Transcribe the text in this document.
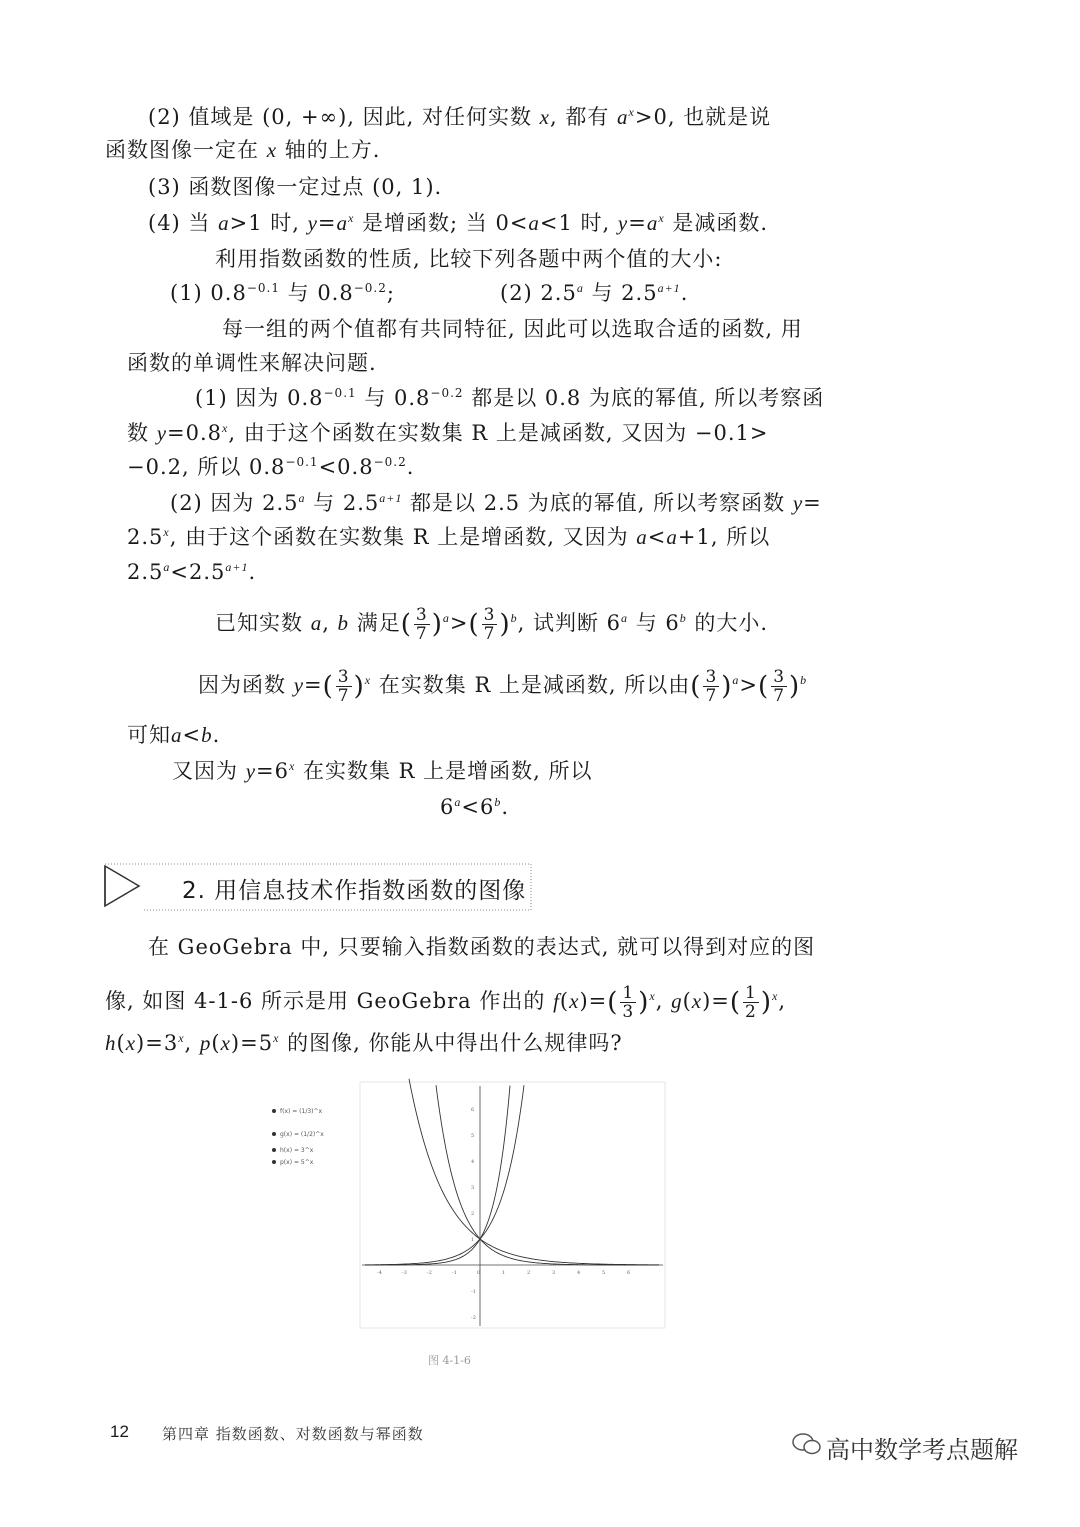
(2) 值域是 (0, +∞), 因此, 对任何实数 x, 都有 $a^x>0$, 也就是说
函数图像一定在 x 轴的上方.
(3) 函数图像一定过点 (0, 1).
(4) 当 a>1 时, $y=a^x$ 是增函数; 当 0<a<1 时, $y=a^x$ 是减函数.
利用指数函数的性质, 比较下列各题中两个值的大小:
(1) $0.8^{-0.1}$ 与 $0.8^{-0.2}$;	(2) 2.5$^a$ 与 $2.5^{a+1}$.
每一组的两个值都有共同特征, 因此可以选取合适的函数, 用
函数的单调性来解决问题.
(1) 因为 $0.8^{-0.1}$ 与 $0.8^{-0.2}$ 都是以 0.8 为底的幂值, 所以考察函
数 $y=0.8^x$, 由于这个函数在实数集 R 上是减函数, 又因为 −0.1>
−0.2, 所以 $0.8^{-0.1}<0.8^{-0.2}$.
(2) 因为 2.5$^a$ 与 $2.5^{a+1}$ 都是以 2.5 为底的幂值, 所以考察函数 y=
$2.5^x$, 由于这个函数在实数集 R 上是增函数, 又因为 a<a+1, 所以
$2.5^a<2.5^{a+1}$.
已知实数 a, b 满足( $\frac{3}{7} )^a>( \frac{3}{7} )^b$, 试判断 6$^a$ 与 6$^b$ 的大小.
因为函数 $y=( \frac{3}{7} )^x$ 在实数集 R 上是减函数, 所以由( $\frac{3}{7} )^a>( \frac{3}{7} )^b$
可知a<b.
又因为 $y=6^x$ 在实数集 R 上是增函数, 所以
$6^a<6^b$.
2. 用信息技术作指数函数的图像
在 GeoGebra 中, 只要输入指数函数的表达式, 就可以得到对应的图
像, 如图 4-1-6 所示是用 GeoGebra 作出的 $f(x)=( \frac{1}{3} )^x$, $g(x)=( \frac{1}{2} )^x$,
$h(x)=3^x$, $p(x)=5^x$ 的图像, 你能从中得出什么规律吗?
f(x) = (1/3)^x
g(x) = (1/2)^x
h(x) = 3^x
p(x) = 5^x
-4	-3	-2	-1	0	1	2	3	4	5	6
6
5
4
3
2
1
-1
-2
图 4-1-6
12 第四章 指数函数、对数函数与幂函数
高中数学考点题解
